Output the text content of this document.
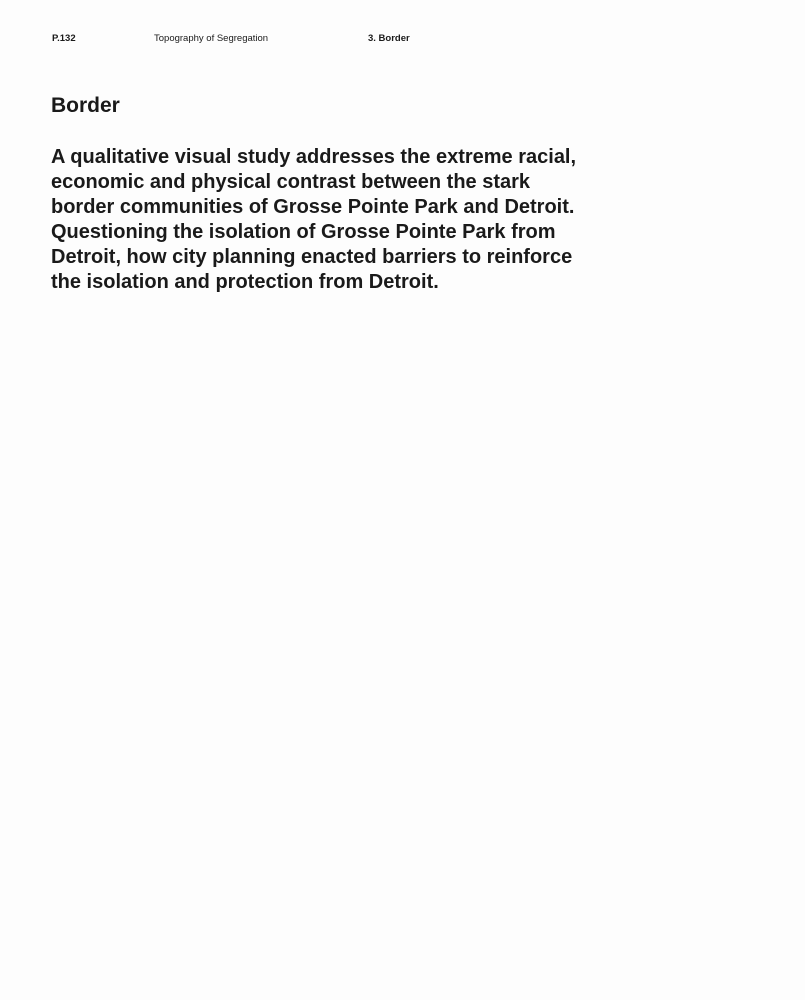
P.132	Topography of Segregation	3. Border
Border

A qualitative visual study addresses the extreme racial,
economic and physical contrast between the stark
border communities of Grosse Pointe Park and Detroit.
Questioning the isolation of Grosse Pointe Park from
Detroit, how city planning enacted barriers to reinforce
the isolation and protection from Detroit.
